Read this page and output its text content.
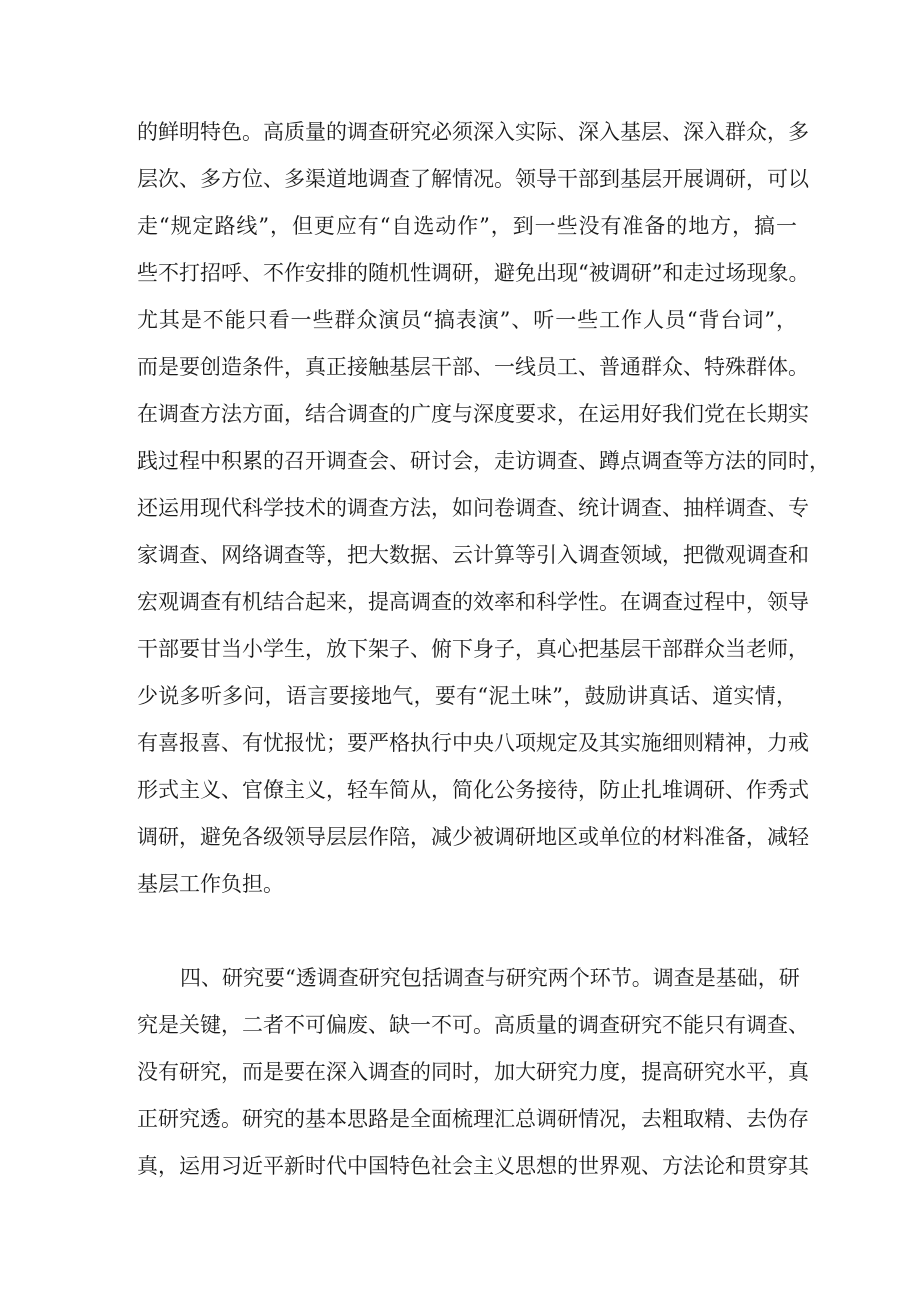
的鲜明特色。高质量的调查研究必须深入实际、深入基层、深入群众，多
层次、多方位、多渠道地调查了解情况。领导干部到基层开展调研，可以
走“规定路线”，但更应有“自选动作”，到一些没有准备的地方，搞一
些不打招呼、不作安排的随机性调研，避免出现“被调研”和走过场现象。
尤其是不能只看一些群众演员“搞表演”、听一些工作人员“背台词”，
而是要创造条件，真正接触基层干部、一线员工、普通群众、特殊群体。
在调查方法方面，结合调查的广度与深度要求，在运用好我们党在长期实
践过程中积累的召开调查会、研讨会，走访调查、蹲点调查等方法的同时，
还运用现代科学技术的调查方法，如问卷调查、统计调查、抽样调查、专
家调查、网络调查等，把大数据、云计算等引入调查领域，把微观调查和
宏观调查有机结合起来，提高调查的效率和科学性。在调查过程中，领导
干部要甘当小学生，放下架子、俯下身子，真心把基层干部群众当老师，
少说多听多问，语言要接地气，要有“泥土味”，鼓励讲真话、道实情，
有喜报喜、有忧报忧；要严格执行中央八项规定及其实施细则精神，力戒
形式主义、官僚主义，轻车简从，简化公务接待，防止扎堆调研、作秀式
调研，避免各级领导层层作陪，减少被调研地区或单位的材料准备，减轻
基层工作负担。
四、研究要“透调查研究包括调查与研究两个环节。调查是基础，研
究是关键，二者不可偏废、缺一不可。高质量的调查研究不能只有调查、
没有研究，而是要在深入调查的同时，加大研究力度，提高研究水平，真
正研究透。研究的基本思路是全面梳理汇总调研情况，去粗取精、去伪存
真，运用习近平新时代中国特色社会主义思想的世界观、方法论和贯穿其
